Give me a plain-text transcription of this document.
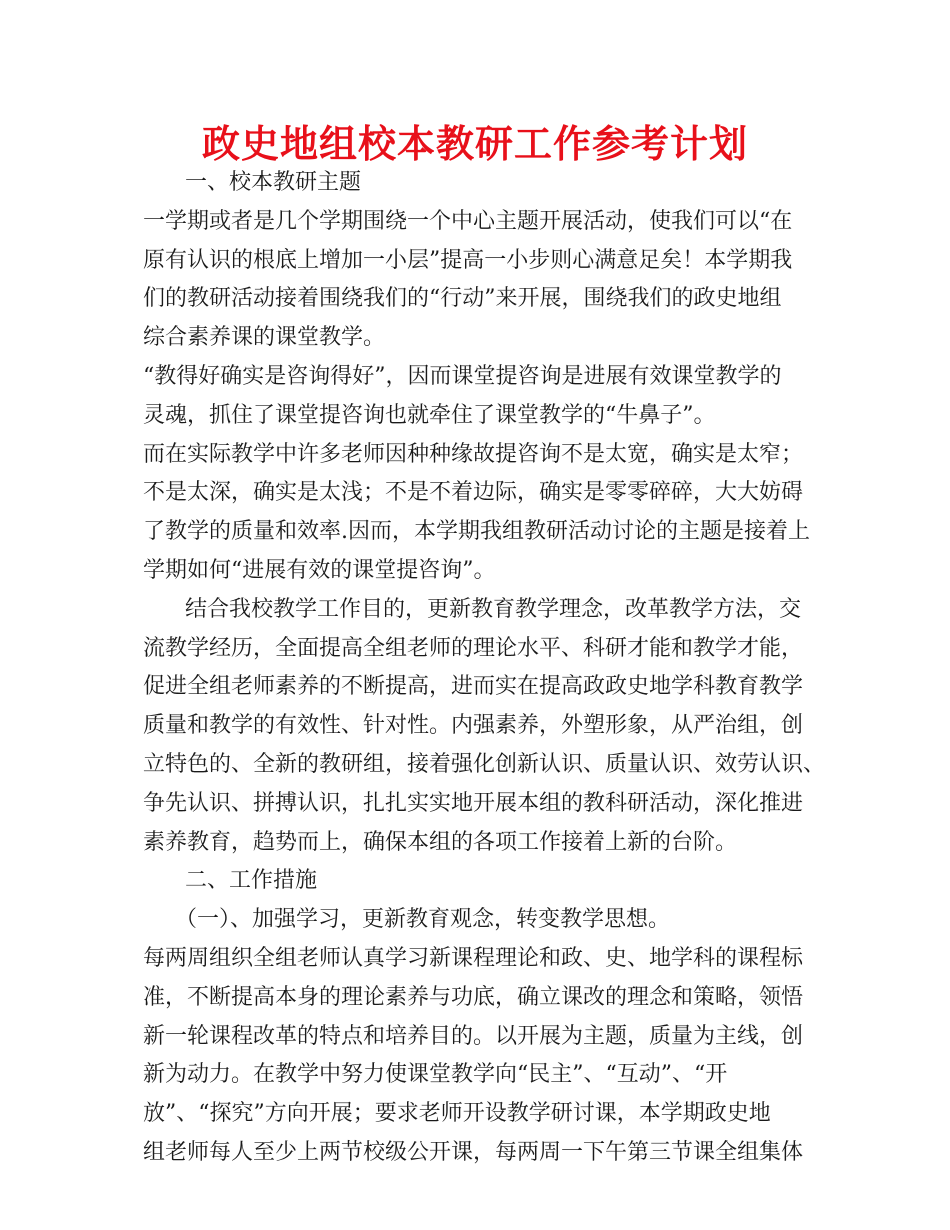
政史地组校本教研工作参考计划
一、校本教研主题
一学期或者是几个学期围绕一个中心主题开展活动，使我们可以“在
原有认识的根底上增加一小层”提高一小步则心满意足矣！本学期我
们的教研活动接着围绕我们的“行动”来开展，围绕我们的政史地组
综合素养课的课堂教学。
“教得好确实是咨询得好”，因而课堂提咨询是进展有效课堂教学的
灵魂，抓住了课堂提咨询也就牵住了课堂教学的“牛鼻子”。
而在实际教学中许多老师因种种缘故提咨询不是太宽，确实是太窄；
不是太深，确实是太浅；不是不着边际，确实是零零碎碎，大大妨碍
了教学的质量和效率.因而，本学期我组教研活动讨论的主题是接着上
学期如何“进展有效的课堂提咨询”。
结合我校教学工作目的，更新教育教学理念，改革教学方法，交
流教学经历，全面提高全组老师的理论水平、科研才能和教学才能，
促进全组老师素养的不断提高，进而实在提高政政史地学科教育教学
质量和教学的有效性、针对性。内强素养，外塑形象，从严治组，创
立特色的、全新的教研组，接着强化创新认识、质量认识、效劳认识、
争先认识、拼搏认识，扎扎实实地开展本组的教科研活动，深化推进
素养教育，趋势而上，确保本组的各项工作接着上新的台阶。
二、工作措施
（一）、加强学习，更新教育观念，转变教学思想。
每两周组织全组老师认真学习新课程理论和政、史、地学科的课程标
准，不断提高本身的理论素养与功底，确立课改的理念和策略，领悟
新一轮课程改革的特点和培养目的。以开展为主题，质量为主线，创
新为动力。在教学中努力使课堂教学向“民主”、“互动”、“开
放”、“探究”方向开展；要求老师开设教学研讨课，本学期政史地
组老师每人至少上两节校级公开课，每两周一下午第三节课全组集体
